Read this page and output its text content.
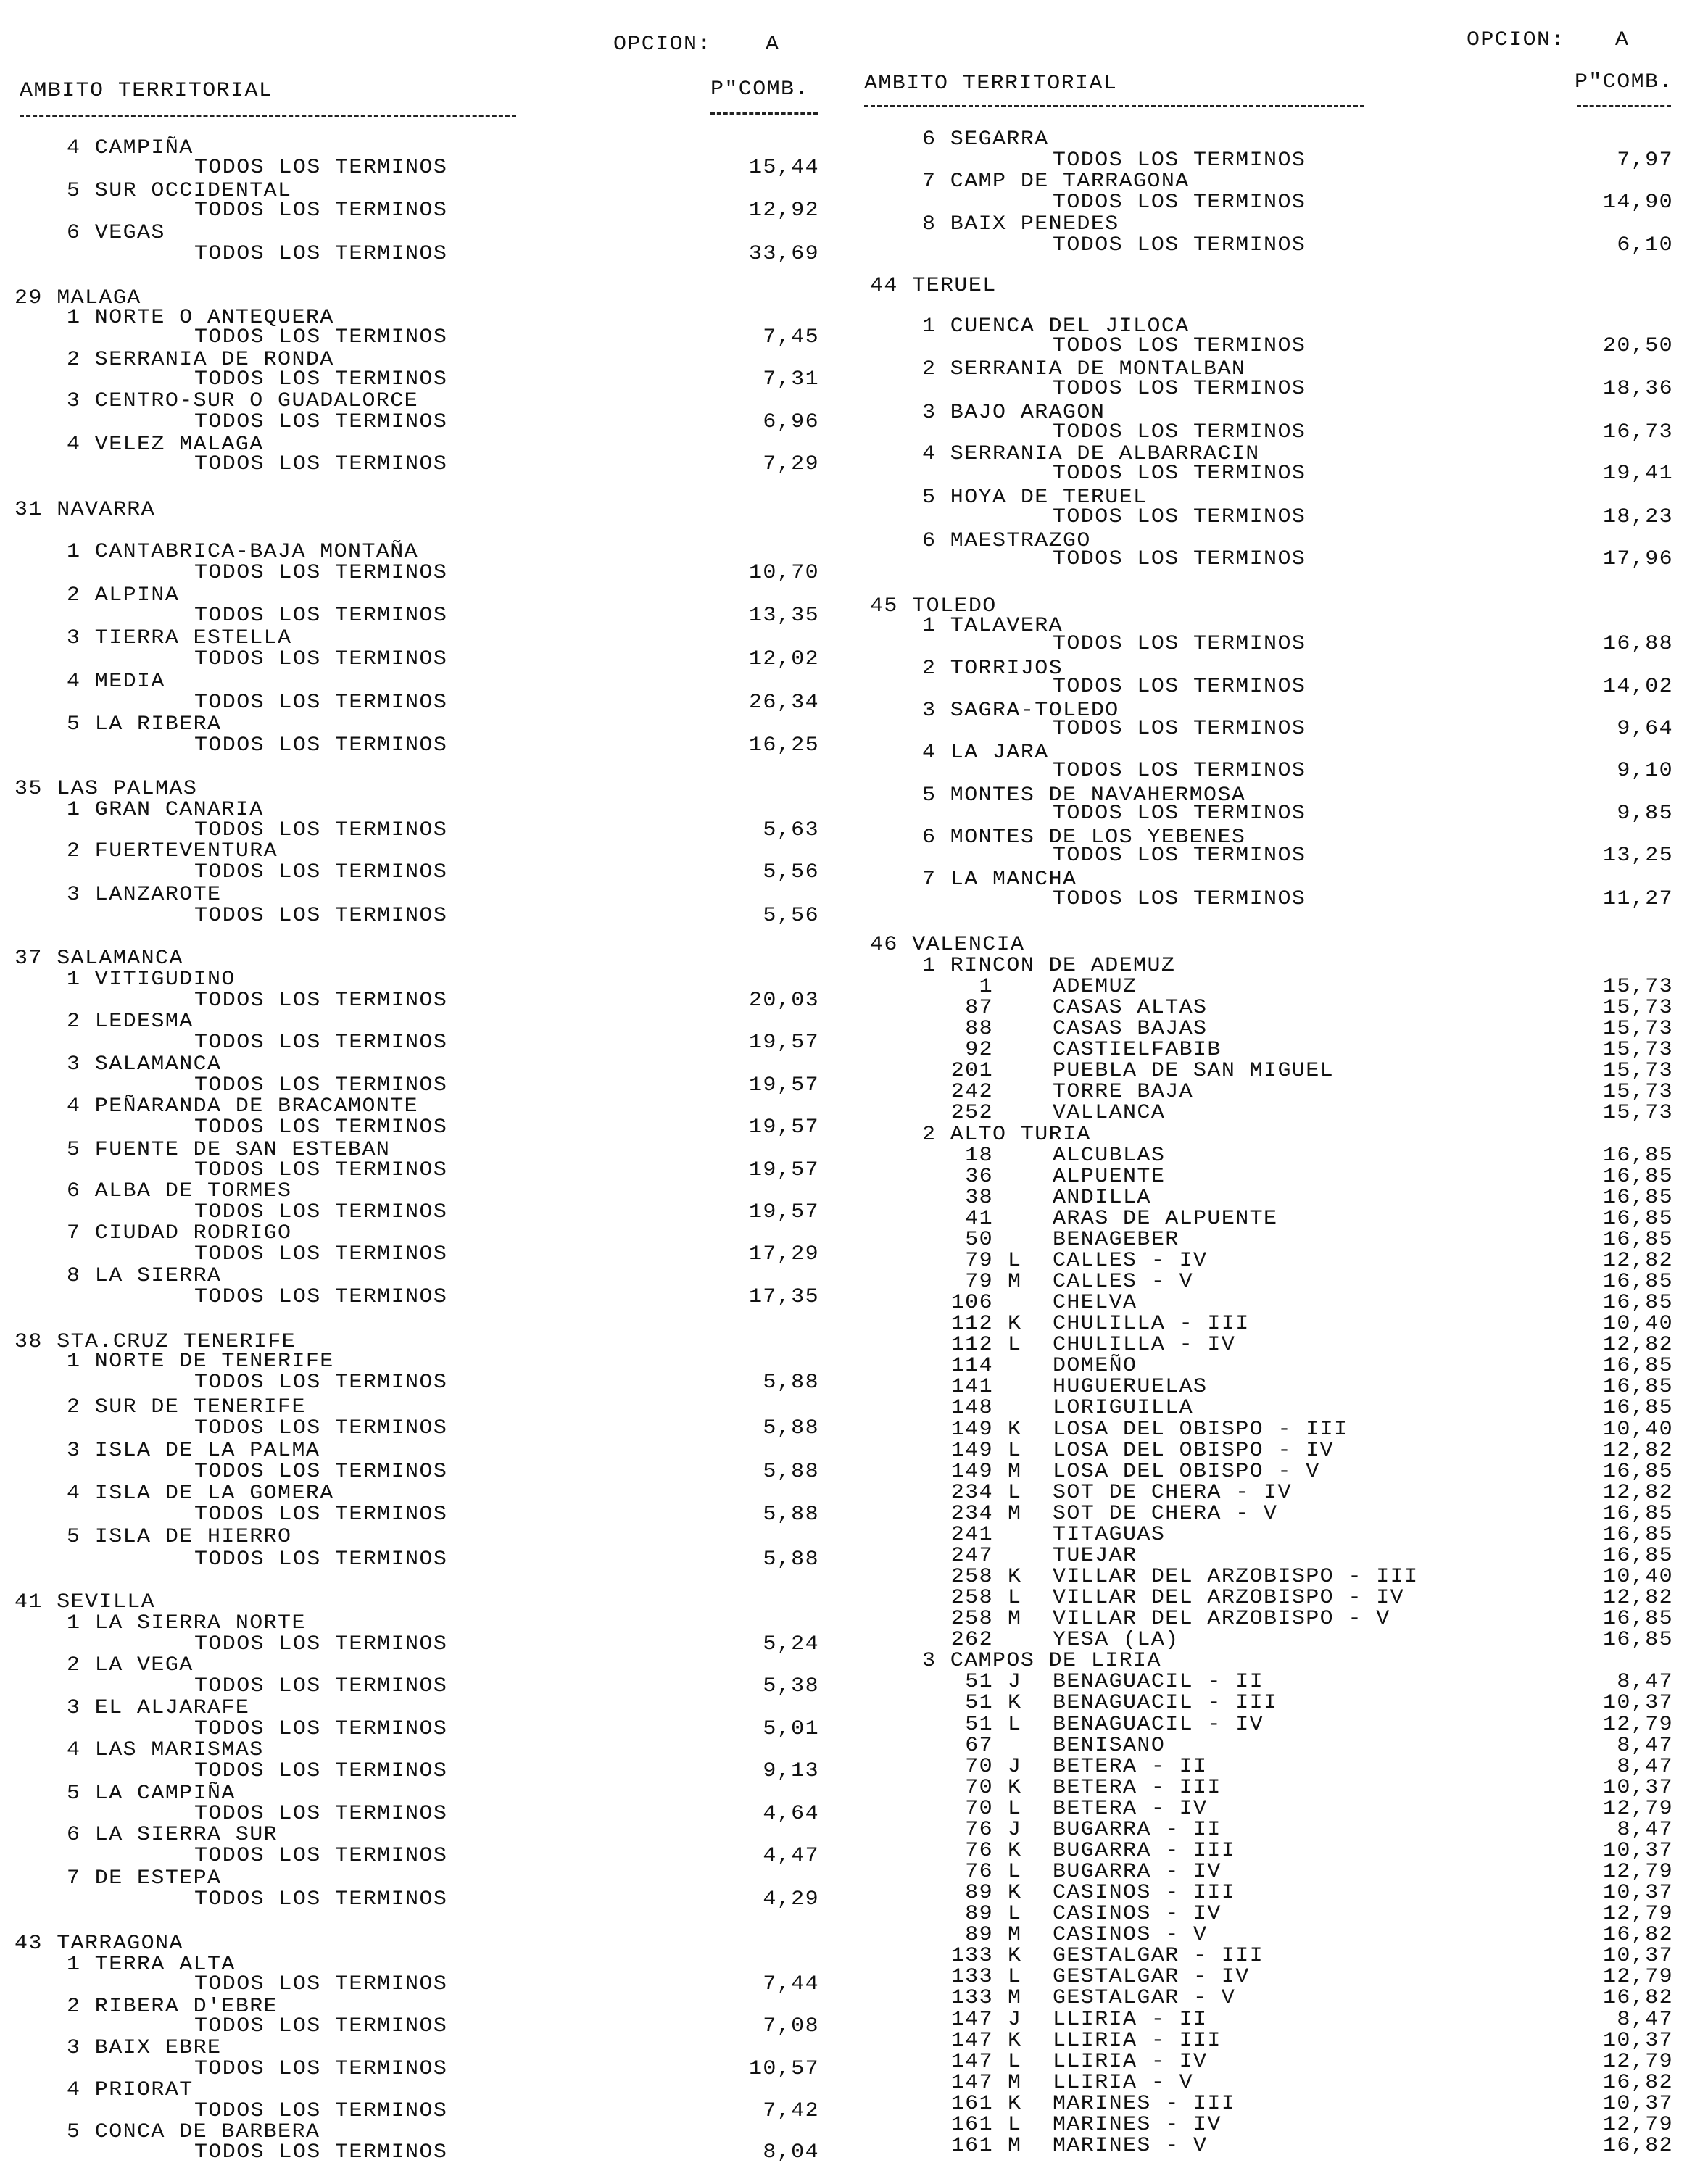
OPCION: A
AMBITO TERRITORIAL	P"COMB.
OPCION: A
AMBITO TERRITORIAL	P"COMB.
4 CAMPIÑA
TODOS LOS TERMINOS	15,44
5 SUR OCCIDENTAL
TODOS LOS TERMINOS	12,92
6 VEGAS
TODOS LOS TERMINOS	33,69
29 MALAGA
1 NORTE O ANTEQUERA
TODOS LOS TERMINOS	7,45
2 SERRANIA DE RONDA
TODOS LOS TERMINOS	7,31
3 CENTRO-SUR O GUADALORCE
TODOS LOS TERMINOS	6,96
4 VELEZ MALAGA
TODOS LOS TERMINOS	7,29
31 NAVARRA
1 CANTABRICA-BAJA MONTAÑA
TODOS LOS TERMINOS	10,70
2 ALPINA
TODOS LOS TERMINOS	13,35
3 TIERRA ESTELLA
TODOS LOS TERMINOS	12,02
4 MEDIA
TODOS LOS TERMINOS	26,34
5 LA RIBERA
TODOS LOS TERMINOS	16,25
35 LAS PALMAS
1 GRAN CANARIA
TODOS LOS TERMINOS	5,63
2 FUERTEVENTURA
TODOS LOS TERMINOS	5,56
3 LANZAROTE
TODOS LOS TERMINOS	5,56
37 SALAMANCA
1 VITIGUDINO
TODOS LOS TERMINOS	20,03
2 LEDESMA
TODOS LOS TERMINOS	19,57
3 SALAMANCA
TODOS LOS TERMINOS	19,57
4 PEÑARANDA DE BRACAMONTE
TODOS LOS TERMINOS	19,57
5 FUENTE DE SAN ESTEBAN
TODOS LOS TERMINOS	19,57
6 ALBA DE TORMES
TODOS LOS TERMINOS	19,57
7 CIUDAD RODRIGO
TODOS LOS TERMINOS	17,29
8 LA SIERRA
TODOS LOS TERMINOS	17,35
38 STA.CRUZ TENERIFE
1 NORTE DE TENERIFE
TODOS LOS TERMINOS	5,88
2 SUR DE TENERIFE
TODOS LOS TERMINOS	5,88
3 ISLA DE LA PALMA
TODOS LOS TERMINOS	5,88
4 ISLA DE LA GOMERA
TODOS LOS TERMINOS	5,88
5 ISLA DE HIERRO
TODOS LOS TERMINOS	5,88
41 SEVILLA
1 LA SIERRA NORTE
TODOS LOS TERMINOS	5,24
2 LA VEGA
TODOS LOS TERMINOS	5,38
3 EL ALJARAFE
TODOS LOS TERMINOS	5,01
4 LAS MARISMAS
TODOS LOS TERMINOS	9,13
5 LA CAMPIÑA
TODOS LOS TERMINOS	4,64
6 LA SIERRA SUR
TODOS LOS TERMINOS	4,47
7 DE ESTEPA
TODOS LOS TERMINOS	4,29
43 TARRAGONA
1 TERRA ALTA
TODOS LOS TERMINOS	7,44
2 RIBERA D'EBRE
TODOS LOS TERMINOS	7,08
3 BAIX EBRE
TODOS LOS TERMINOS	10,57
4 PRIORAT
TODOS LOS TERMINOS	7,42
5 CONCA DE BARBERA
TODOS LOS TERMINOS	8,04
6 SEGARRA
TODOS LOS TERMINOS	7,97
7 CAMP DE TARRAGONA
TODOS LOS TERMINOS	14,90
8 BAIX PENEDES
TODOS LOS TERMINOS	6,10
44 TERUEL
1 CUENCA DEL JILOCA
TODOS LOS TERMINOS	20,50
2 SERRANIA DE MONTALBAN
TODOS LOS TERMINOS	18,36
3 BAJO ARAGON
TODOS LOS TERMINOS	16,73
4 SERRANIA DE ALBARRACIN
TODOS LOS TERMINOS	19,41
5 HOYA DE TERUEL
TODOS LOS TERMINOS	18,23
6 MAESTRAZGO
TODOS LOS TERMINOS	17,96
45 TOLEDO
1 TALAVERA
TODOS LOS TERMINOS	16,88
2 TORRIJOS
TODOS LOS TERMINOS	14,02
3 SAGRA-TOLEDO
TODOS LOS TERMINOS	9,64
4 LA JARA
TODOS LOS TERMINOS	9,10
5 MONTES DE NAVAHERMOSA
TODOS LOS TERMINOS	9,85
6 MONTES DE LOS YEBENES
TODOS LOS TERMINOS	13,25
7 LA MANCHA
TODOS LOS TERMINOS	11,27
46 VALENCIA
1 RINCON DE ADEMUZ
1	ADEMUZ	15,73
87	CASAS ALTAS	15,73
88	CASAS BAJAS	15,73
92	CASTIELFABIB	15,73
201	PUEBLA DE SAN MIGUEL	15,73
242	TORRE BAJA	15,73
252	VALLANCA	15,73
2 ALTO TURIA
18	ALCUBLAS	16,85
36	ALPUENTE	16,85
38	ANDILLA	16,85
41	ARAS DE ALPUENTE	16,85
50	BENAGEBER	16,85
79 L CALLES - IV	12,82
79 M CALLES - V	16,85
106	CHELVA	16,85
112 K CHULILLA - III	10,40
112 L CHULILLA - IV	12,82
114	DOMEÑO	16,85
141	HUGUERUELAS	16,85
148	LORIGUILLA	16,85
149 K LOSA DEL OBISPO - III	10,40
149 L LOSA DEL OBISPO - IV	12,82
149 M LOSA DEL OBISPO - V	16,85
234 L SOT DE CHERA - IV	12,82
234 M SOT DE CHERA - V	16,85
241	TITAGUAS	16,85
247	TUEJAR	16,85
258 K VILLAR DEL ARZOBISPO - III	10,40
258 L VILLAR DEL ARZOBISPO - IV	12,82
258 M VILLAR DEL ARZOBISPO - V	16,85
262	YESA (LA)	16,85
3 CAMPOS DE LIRIA
51 J BENAGUACIL - II	8,47
51 K BENAGUACIL - III	10,37
51 L BENAGUACIL - IV	12,79
67	BENISANO	8,47
70 J BETERA - II	8,47
70 K BETERA - III	10,37
70 L BETERA - IV	12,79
76 J BUGARRA - II	8,47
76 K BUGARRA - III	10,37
76 L BUGARRA - IV	12,79
89 K CASINOS - III	10,37
89 L CASINOS - IV	12,79
89 M CASINOS - V	16,82
133 K GESTALGAR - III	10,37
133 L GESTALGAR - IV	12,79
133 M GESTALGAR - V	16,82
147 J LLIRIA - II	8,47
147 K LLIRIA - III	10,37
147 L LLIRIA - IV	12,79
147 M LLIRIA - V	16,82
161 K MARINES - III	10,37
161 L MARINES - IV	12,79
161 M MARINES - V	16,82
